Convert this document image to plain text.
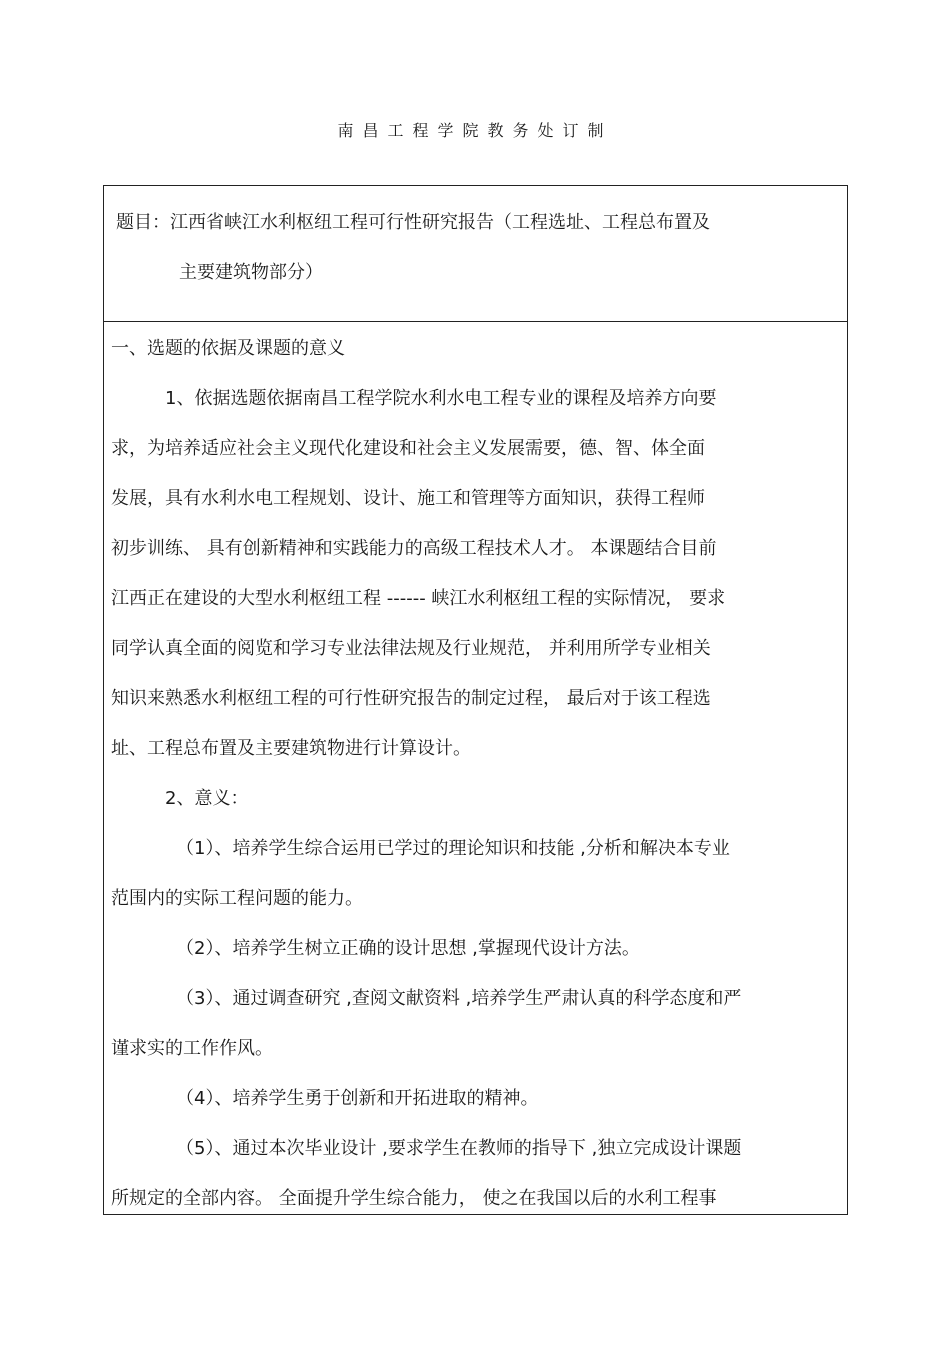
南昌工程学院教务处订制
题目：江西省峡江水利枢纽工程可行性研究报告（工程选址、工程总布置及
主要建筑物部分）
一、选题的依据及课题的意义
1、依据选题依据南昌工程学院水利水电工程专业的课程及培养方向要
求，为培养适应社会主义现代化建设和社会主义发展需要，德、智、体全面
发展，具有水利水电工程规划、设计、施工和管理等方面知识，获得工程师
初步训练、 具有创新精神和实践能力的高级工程技术人才。 本课题结合目前
江西正在建设的大型水利枢纽工程 ------ 峡江水利枢纽工程的实际情况， 要求
同学认真全面的阅览和学习专业法律法规及行业规范， 并利用所学专业相关
知识来熟悉水利枢纽工程的可行性研究报告的制定过程， 最后对于该工程选
址、工程总布置及主要建筑物进行计算设计。
2、意义：
（1）、培养学生综合运用已学过的理论知识和技能 ,分析和解决本专业
范围内的实际工程问题的能力。
（2）、培养学生树立正确的设计思想 ,掌握现代设计方法。
（3）、通过调查研究 ,查阅文献资料 ,培养学生严肃认真的科学态度和严
谨求实的工作作风。
（4）、培养学生勇于创新和开拓进取的精神。
（5）、通过本次毕业设计 ,要求学生在教师的指导下 ,独立完成设计课题
所规定的全部内容。 全面提升学生综合能力， 使之在我国以后的水利工程事
